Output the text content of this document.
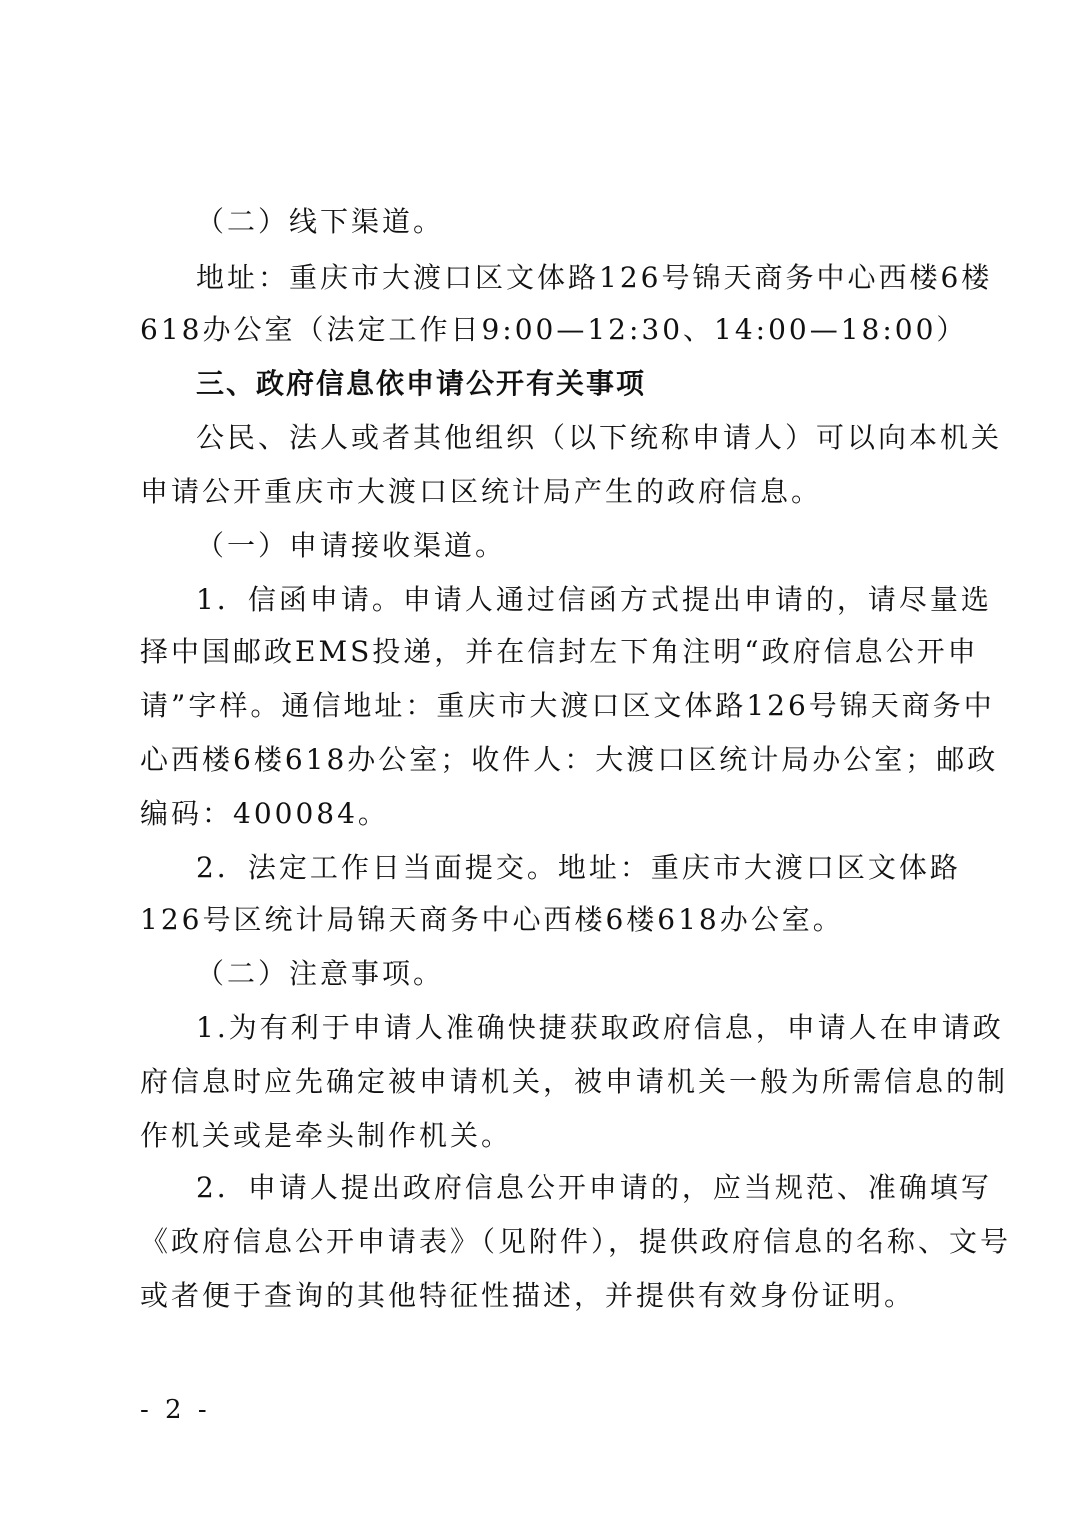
（二）线下渠道。
地址：重庆市大渡口区文体路126号锦天商务中心西楼6楼
618办公室（法定工作日9:00—12:30、14:00—18:00）
三、政府信息依申请公开有关事项
公民、法人或者其他组织（以下统称申请人）可以向本机关
申请公开重庆市大渡口区统计局产生的政府信息。
（一）申请接收渠道。
1．信函申请。申请人通过信函方式提出申请的，请尽量选
择中国邮政EMS投递，并在信封左下角注明“政府信息公开申
请”字样。通信地址：重庆市大渡口区文体路126号锦天商务中
心西楼6楼618办公室；收件人：大渡口区统计局办公室；邮政
编码：400084。
2．法定工作日当面提交。地址：重庆市大渡口区文体路
126号区统计局锦天商务中心西楼6楼618办公室。
（二）注意事项。
1.为有利于申请人准确快捷获取政府信息，申请人在申请政
府信息时应先确定被申请机关，被申请机关一般为所需信息的制
作机关或是牵头制作机关。
2．申请人提出政府信息公开申请的，应当规范、准确填写
《政府信息公开申请表》（见附件），提供政府信息的名称、文号
或者便于查询的其他特征性描述，并提供有效身份证明。
- 2 -
